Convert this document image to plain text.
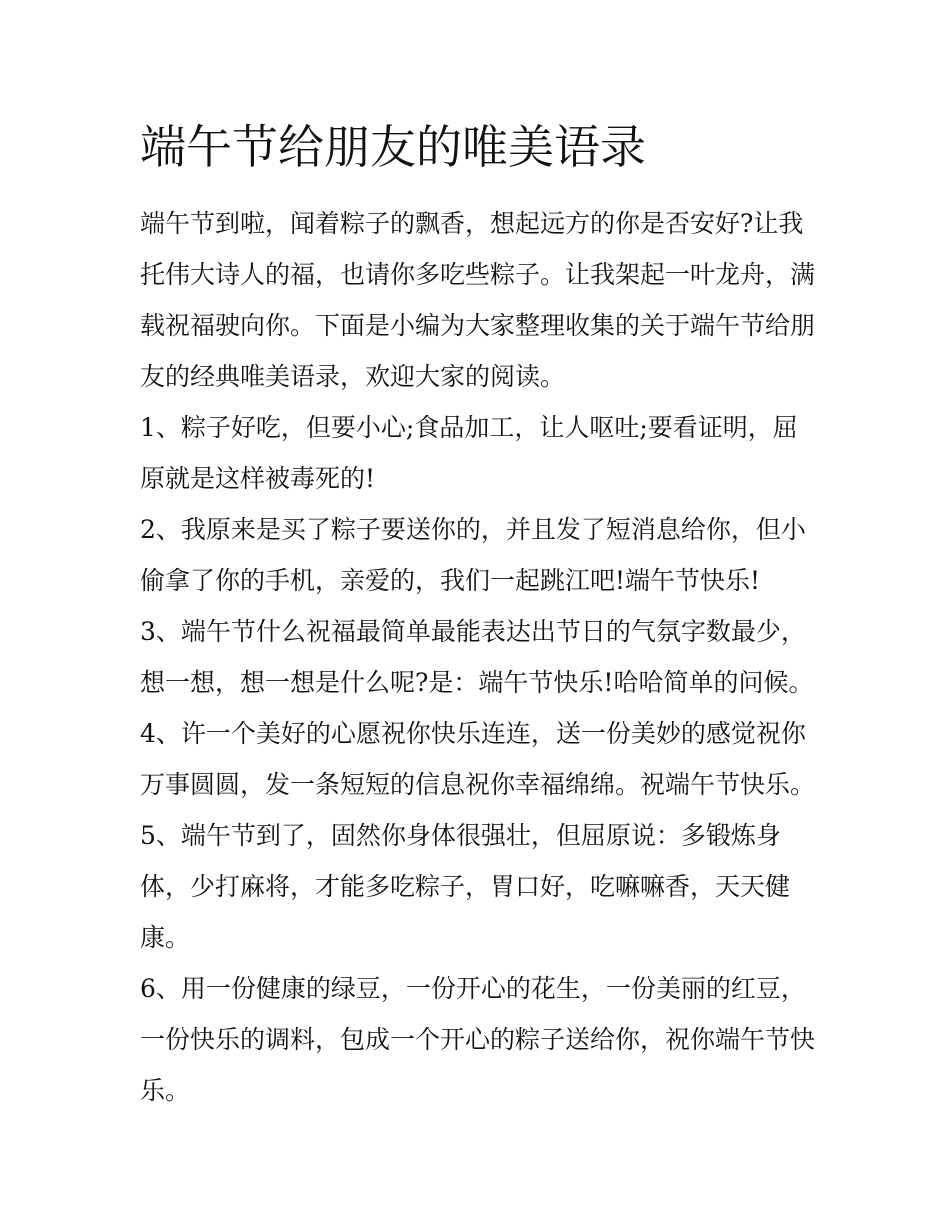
端午节给朋友的唯美语录

端午节到啦，闻着粽子的飘香，想起远方的你是否安好?让我托伟大诗人的福，也请你多吃些粽子。让我架起一叶龙舟，满载祝福驶向你。下面是小编为大家整理收集的关于端午节给朋友的经典唯美语录，欢迎大家的阅读。

1、粽子好吃，但要小心;食品加工，让人呕吐;要看证明，屈原就是这样被毒死的!

2、我原来是买了粽子要送你的，并且发了短消息给你，但小偷拿了你的手机，亲爱的，我们一起跳江吧!端午节快乐!

3、端午节什么祝福最简单最能表达出节日的气氛字数最少，想一想，想一想是什么呢?是：端午节快乐!哈哈简单的问候。

4、许一个美好的心愿祝你快乐连连，送一份美妙的感觉祝你万事圆圆，发一条短短的信息祝你幸福绵绵。祝端午节快乐。

5、端午节到了，固然你身体很强壮，但屈原说：多锻炼身体，少打麻将，才能多吃粽子，胃口好，吃嘛嘛香，天天健康。

6、用一份健康的绿豆，一份开心的花生，一份美丽的红豆，一份快乐的调料，包成一个开心的粽子送给你，祝你端午节快乐。
